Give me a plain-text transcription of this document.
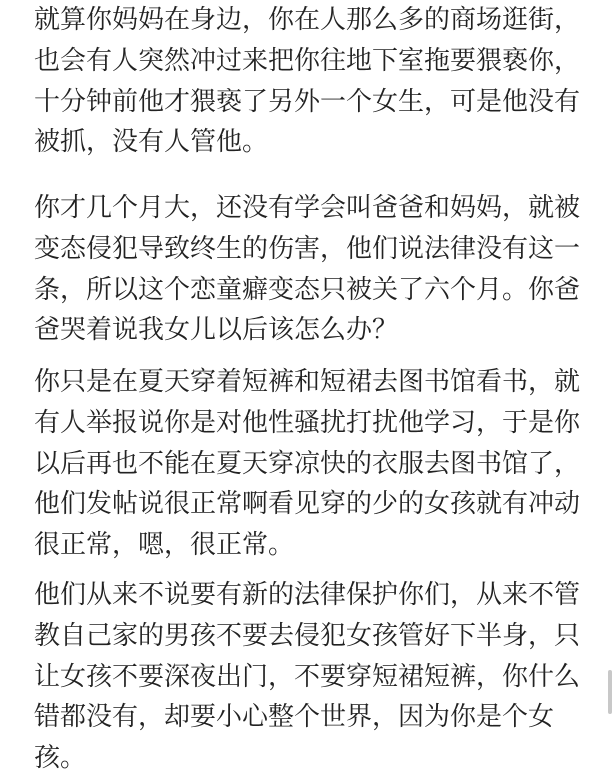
就算你妈妈在身边，你在人那么多的商场逛街，
也会有人突然冲过来把你往地下室拖要猥亵你，
十分钟前他才猥亵了另外一个女生，可是他没有
被抓，没有人管他。
你才几个月大，还没有学会叫爸爸和妈妈，就被
变态侵犯导致终生的伤害，他们说法律没有这一
条，所以这个恋童癖变态只被关了六个月。你爸
爸哭着说我女儿以后该怎么办？
你只是在夏天穿着短裤和短裙去图书馆看书，就
有人举报说你是对他性骚扰打扰他学习，于是你
以后再也不能在夏天穿凉快的衣服去图书馆了，
他们发帖说很正常啊看见穿的少的女孩就有冲动
很正常，嗯，很正常。
他们从来不说要有新的法律保护你们，从来不管
教自己家的男孩不要去侵犯女孩管好下半身，只
让女孩不要深夜出门，不要穿短裙短裤，你什么
错都没有，却要小心整个世界，因为你是个女
孩。
